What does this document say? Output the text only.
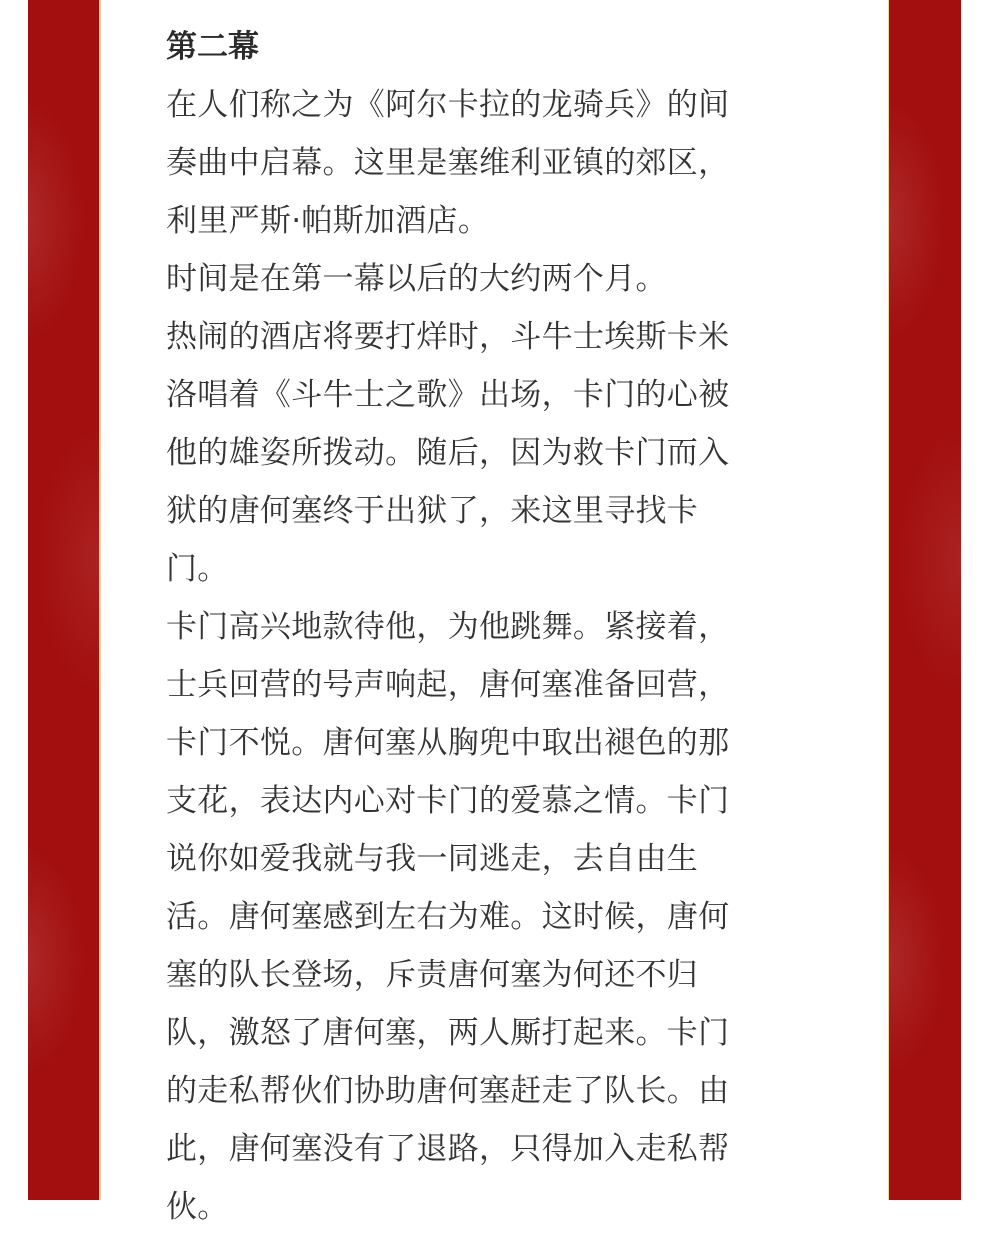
第二幕
在人们称之为《阿尔卡拉的龙骑兵》的间
奏曲中启幕。这里是塞维利亚镇的郊区，
利里严斯·帕斯加酒店。
时间是在第一幕以后的大约两个月。
热闹的酒店将要打烊时，斗牛士埃斯卡米
洛唱着《斗牛士之歌》出场，卡门的心被
他的雄姿所拨动。随后，因为救卡门而入
狱的唐何塞终于出狱了，来这里寻找卡
门。
卡门高兴地款待他，为他跳舞。紧接着，
士兵回营的号声响起，唐何塞准备回营，
卡门不悦。唐何塞从胸兜中取出褪色的那
支花，表达内心对卡门的爱慕之情。卡门
说你如爱我就与我一同逃走，去自由生
活。唐何塞感到左右为难。这时候，唐何
塞的队长登场，斥责唐何塞为何还不归
队，激怒了唐何塞，两人厮打起来。卡门
的走私帮伙们协助唐何塞赶走了队长。由
此，唐何塞没有了退路，只得加入走私帮
伙。
